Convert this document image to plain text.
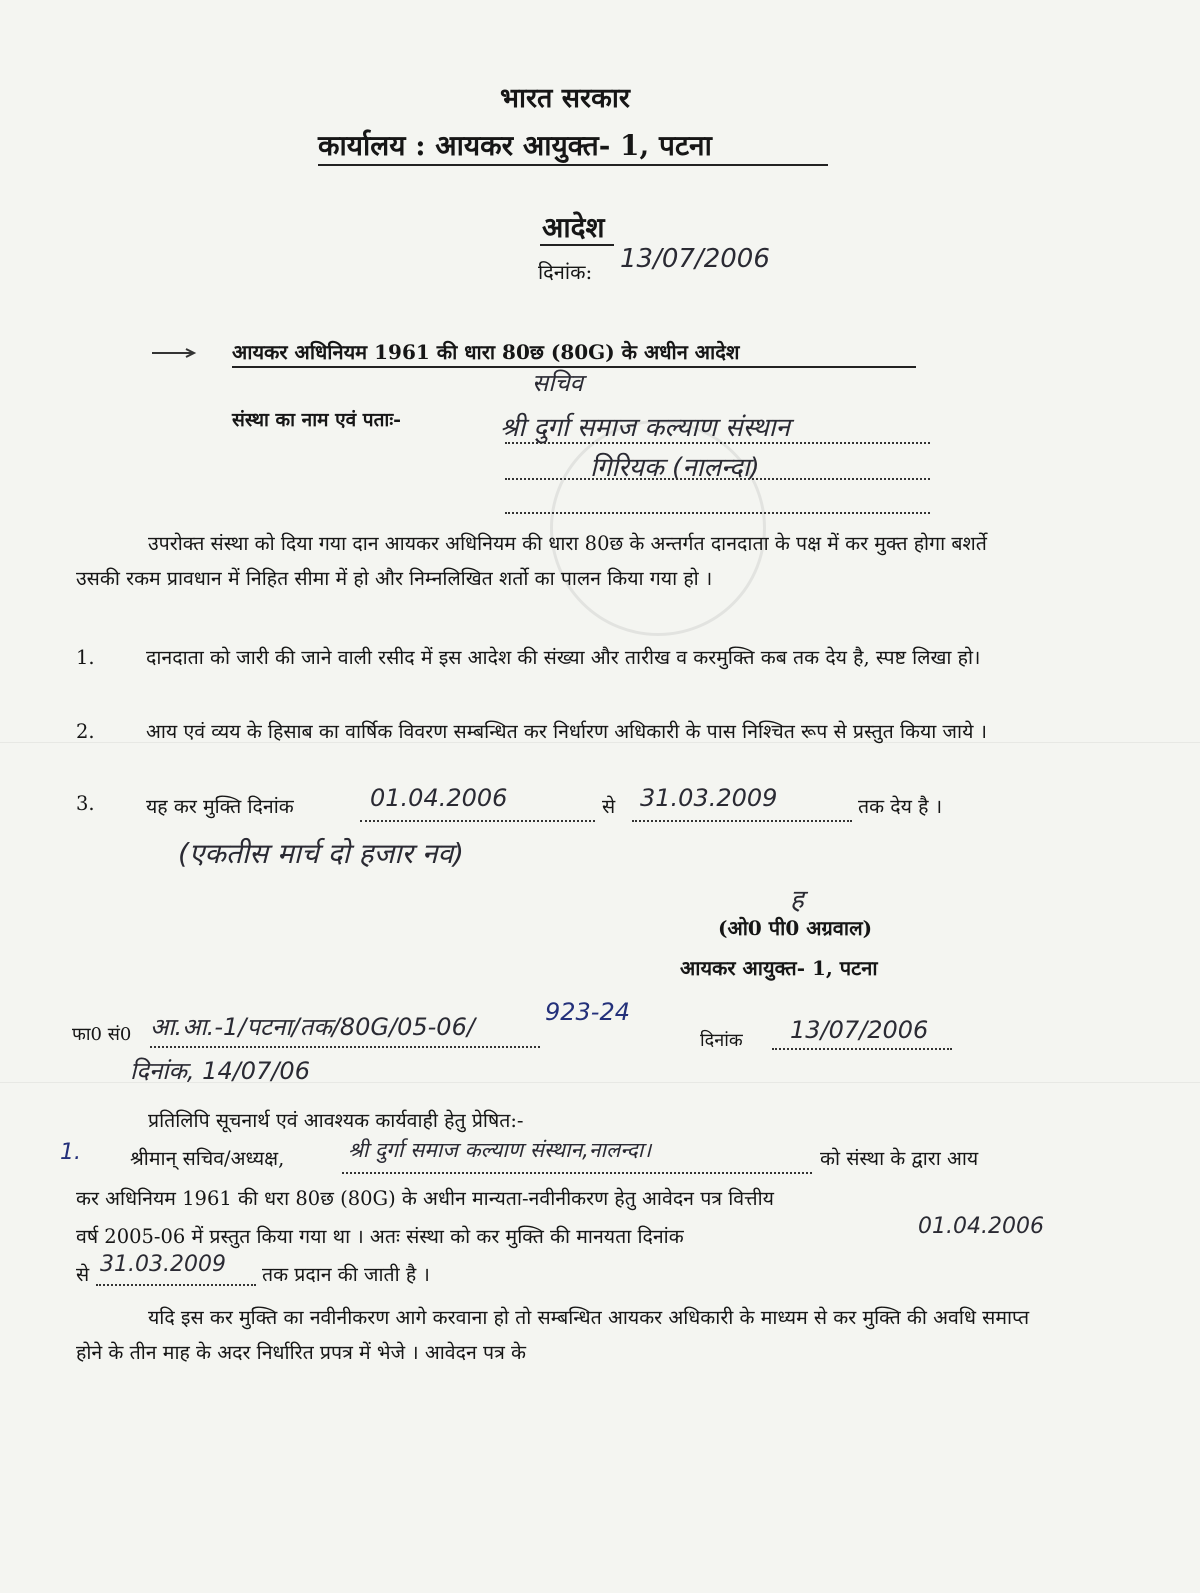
भारत सरकार
कार्यालय : आयकर आयुक्त- 1, पटना
आदेश
दिनांक: 13/07/2006
आयकर अधिनियम 1961 की धारा 80छ (80G) के अधीन आदेश
सचिव
संस्था का नाम एवं पताः-	श्री दुर्गा समाज कल्याण संस्थान
गिरियक (नालन्दा)
उपरोक्त संस्था को दिया गया दान आयकर अधिनियम की धारा 80छ के अन्तर्गत दानदाता के पक्ष में कर मुक्त होगा बशर्ते उसकी रकम प्रावधान में निहित सीमा में हो और निम्नलिखित शर्तो का पालन किया गया हो ।
1.	दानदाता को जारी की जाने वाली रसीद में इस आदेश की संख्या और तारीख व करमुक्ति कब तक देय है, स्पष्ट लिखा हो।
2.	आय एवं व्यय के हिसाब का वार्षिक विवरण सम्बन्धित कर निर्धारण अधिकारी के पास निश्चित रूप से प्रस्तुत किया जाये ।
3.	यह कर मुक्ति दिनांक	01.04.2006	से 31.03.2009	तक देय है ।
(एकतीस मार्च दो हजार नव)
ह
(ओ0 पी0 अग्रवाल)
आयकर आयुक्त- 1, पटना
फा0 सं0 आ.आ.-1/पटना/तक/80G/05-06/
923-24
दिनांक 13/07/2006
दिनांक, 14/07/06
प्रतिलिपि सूचनार्थ एवं आवश्यक कार्यवाही हेतु प्रेषित:-
1.	श्रीमान् सचिव/अध्यक्ष,	श्री दुर्गा समाज कल्याण संस्थान,नालन्दा।	को संस्था के द्वारा आय
कर अधिनियम 1961 की धरा 80छ (80G) के अधीन मान्यता-नवीनीकरण हेतु आवेदन पत्र वित्तीय
वर्ष 2005-06 में प्रस्तुत किया गया था । अतः संस्था को कर मुक्ति की मानयता दिनांक	01.04.2006
से 31.03.2009 तक प्रदान की जाती है ।
यदि इस कर मुक्ति का नवीनीकरण आगे करवाना हो तो सम्बन्धित आयकर अधिकारी के माध्यम से कर मुक्ति की अवधि समाप्त होने के तीन माह के अदर निर्धारित प्रपत्र में भेजे । आवेदन पत्र के
